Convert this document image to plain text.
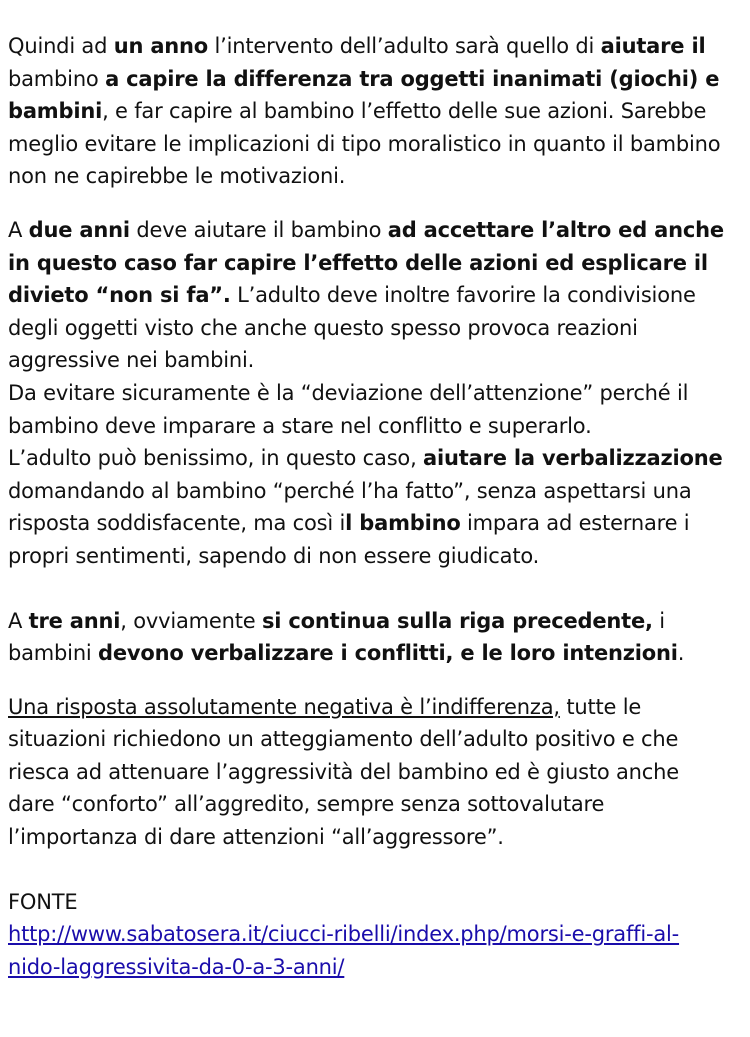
Quindi ad un anno l’intervento dell’adulto sarà quello di aiutare il bambino a capire la differenza tra oggetti inanimati (giochi) e bambini, e far capire al bambino l’effetto delle sue azioni. Sarebbe meglio evitare le implicazioni di tipo moralistico in quanto il bambino non ne capirebbe le motivazioni.

A due anni deve aiutare il bambino ad accettare l’altro ed anche in questo caso far capire l’effetto delle azioni ed esplicare il divieto “non si fa”. L’adulto deve inoltre favorire la condivisione degli oggetti visto che anche questo spesso provoca reazioni aggressive nei bambini.

Da evitare sicuramente è la “deviazione dell’attenzione” perché il bambino deve imparare a stare nel conflitto e superarlo.

L’adulto può benissimo, in questo caso, aiutare la verbalizzazione domandando al bambino “perché l’ha fatto”, senza aspettarsi una risposta soddisfacente, ma così il bambino impara ad esternare i propri sentimenti, sapendo di non essere giudicato.

A tre anni, ovviamente si continua sulla riga precedente, i bambini devono verbalizzare i conflitti, e le loro intenzioni.

Una risposta assolutamente negativa è l’indifferenza, tutte le situazioni richiedono un atteggiamento dell’adulto positivo e che riesca ad attenuare l’aggressività del bambino ed è giusto anche dare “conforto” all’aggredito, sempre senza sottovalutare l’importanza di dare attenzioni “all’aggressore”.

FONTE

http://www.sabatosera.it/ciucci-ribelli/index.php/morsi-e-graffi-al-nido-laggressivita-da-0-a-3-anni/
